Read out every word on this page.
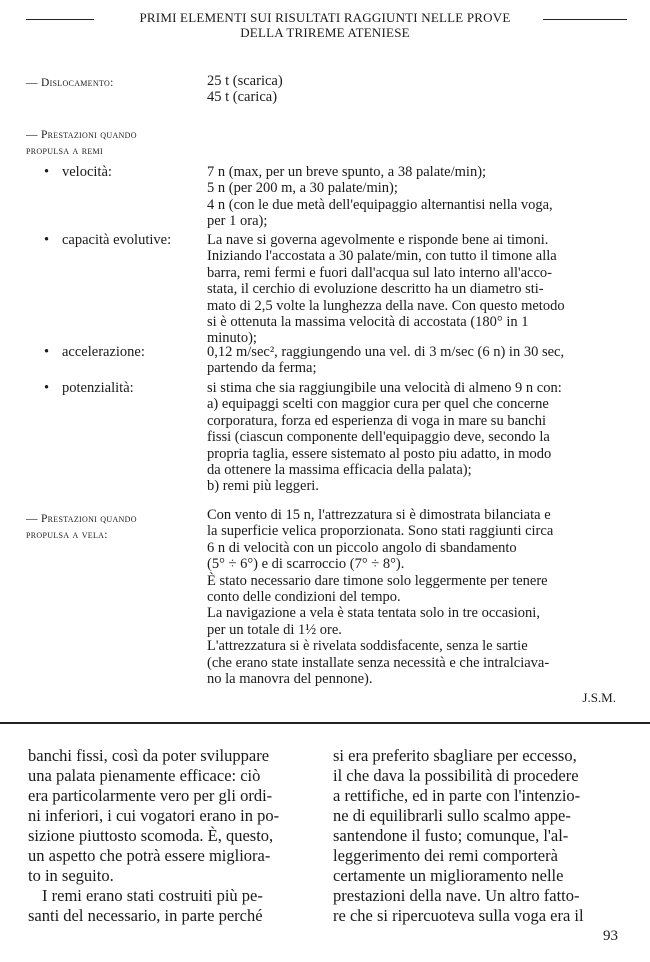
PRIMI ELEMENTI SUI RISULTATI RAGGIUNTI NELLE PROVE
DELLA TRIREME ATENIESE
— Dislocamento:	25 t (scarica)
45 t (carica)
— Prestazioni quando
propulsa a remi
• velocità:	7 n (max, per un breve spunto, a 38 palate/min);
5 n (per 200 m, a 30 palate/min);
4 n (con le due metà dell'equipaggio alternantisi nella voga,
per 1 ora);
• capacità evolutive: La nave si governa agevolmente e risponde bene ai timoni.
Iniziando l'accostata a 30 palate/min, con tutto il timone alla
barra, remi fermi e fuori dall'acqua sul lato interno all'acco-
stata, il cerchio di evoluzione descritto ha un diametro sti-
mato di 2,5 volte la lunghezza della nave. Con questo metodo
si è ottenuta la massima velocità di accostata (180° in 1
minuto);
• accelerazione:	0,12 m/sec², raggiungendo una vel. di 3 m/sec (6 n) in 30 sec,
partendo da ferma;
• potenzialità:	si stima che sia raggiungibile una velocità di almeno 9 n con:
a) equipaggi scelti con maggior cura per quel che concerne
corporatura, forza ed esperienza di voga in mare su banchi
fissi (ciascun componente dell'equipaggio deve, secondo la
propria taglia, essere sistemato al posto piu adatto, in modo
da ottenere la massima efficacia della palata);
b) remi più leggeri.
— Prestazioni quando
propulsa a vela:
Con vento di 15 n, l'attrezzatura si è dimostrata bilanciata e
la superficie velica proporzionata. Sono stati raggiunti circa
6 n di velocità con un piccolo angolo di sbandamento
(5° ÷ 6°) e di scarroccio (7° ÷ 8°).
È stato necessario dare timone solo leggermente per tenere
conto delle condizioni del tempo.
La navigazione a vela è stata tentata solo in tre occasioni,
per un totale di 1½ ore.
L'attrezzatura si è rivelata soddisfacente, senza le sartie
(che erano state installate senza necessità e che intralciava-
no la manovra del pennone).
J.S.M.
banchi fissi, così da poter sviluppare
una palata pienamente efficace: ciò
era particolarmente vero per gli ordi-
ni inferiori, i cui vogatori erano in po-
sizione piuttosto scomoda. È, questo,
un aspetto che potrà essere migliora-
to in seguito.
I remi erano stati costruiti più pe-
santi del necessario, in parte perché
si era preferito sbagliare per eccesso,
il che dava la possibilità di procedere
a rettifiche, ed in parte con l'intenzio-
ne di equilibrarli sullo scalmo appe-
santendone il fusto; comunque, l'al-
leggerimento dei remi comporterà
certamente un miglioramento nelle
prestazioni della nave. Un altro fatto-
re che si ripercuoteva sulla voga era il
93
